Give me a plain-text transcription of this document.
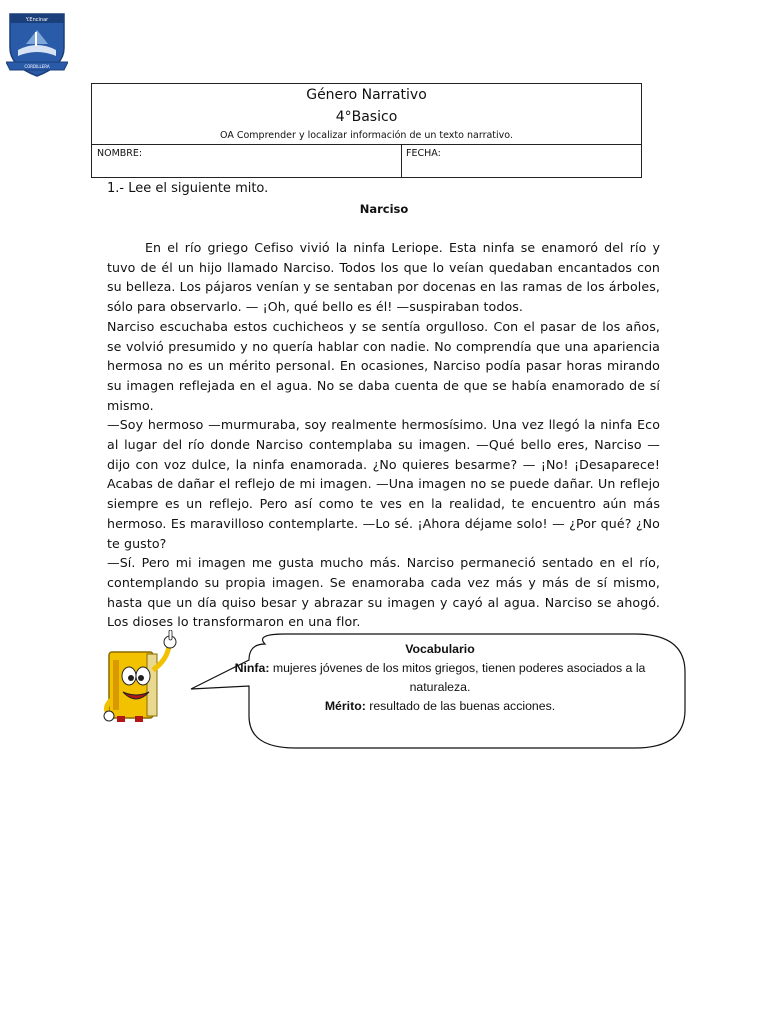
Y.Encinar
CORDILLERA
Género Narrativo
4°Basico
OA Comprender y localizar información de un texto narrativo.
NOMBRE:	FECHA:
1.- Lee el siguiente mito.
Narciso

En el río griego Cefiso vivió la ninfa Leriope. Esta ninfa se enamoró del río y tuvo de él un hijo llamado Narciso. Todos los que lo veían quedaban encantados con su belleza. Los pájaros venían y se sentaban por docenas en las ramas de los árboles, sólo para observarlo. — ¡Oh, qué bello es él! —suspiraban todos.

Narciso escuchaba estos cuchicheos y se sentía orgulloso. Con el pasar de los años, se volvió presumido y no quería hablar con nadie. No comprendía que una apariencia hermosa no es un mérito personal. En ocasiones, Narciso podía pasar horas mirando su imagen reflejada en el agua. No se daba cuenta de que se había enamorado de sí mismo.

—Soy hermoso —murmuraba, soy realmente hermosísimo. Una vez llegó la ninfa Eco al lugar del río donde Narciso contemplaba su imagen. —Qué bello eres, Narciso —dijo con voz dulce, la ninfa enamorada. ¿No quieres besarme? — ¡No! ¡Desaparece! Acabas de dañar el reflejo de mi imagen. —Una imagen no se puede dañar. Un reflejo siempre es un reflejo. Pero así como te ves en la realidad, te encuentro aún más hermoso. Es maravilloso contemplarte. —Lo sé. ¡Ahora déjame solo! — ¿Por qué? ¿No te gusto?

—Sí. Pero mi imagen me gusta mucho más. Narciso permaneció sentado en el río, contemplando su propia imagen. Se enamoraba cada vez más y más de sí mismo, hasta que un día quiso besar y abrazar su imagen y cayó al agua. Narciso se ahogó. Los dioses lo transformaron en una flor.

Vocabulario
Ninfa: mujeres jóvenes de los mitos griegos, tienen poderes asociados a la naturaleza.
Mérito: resultado de las buenas acciones.
